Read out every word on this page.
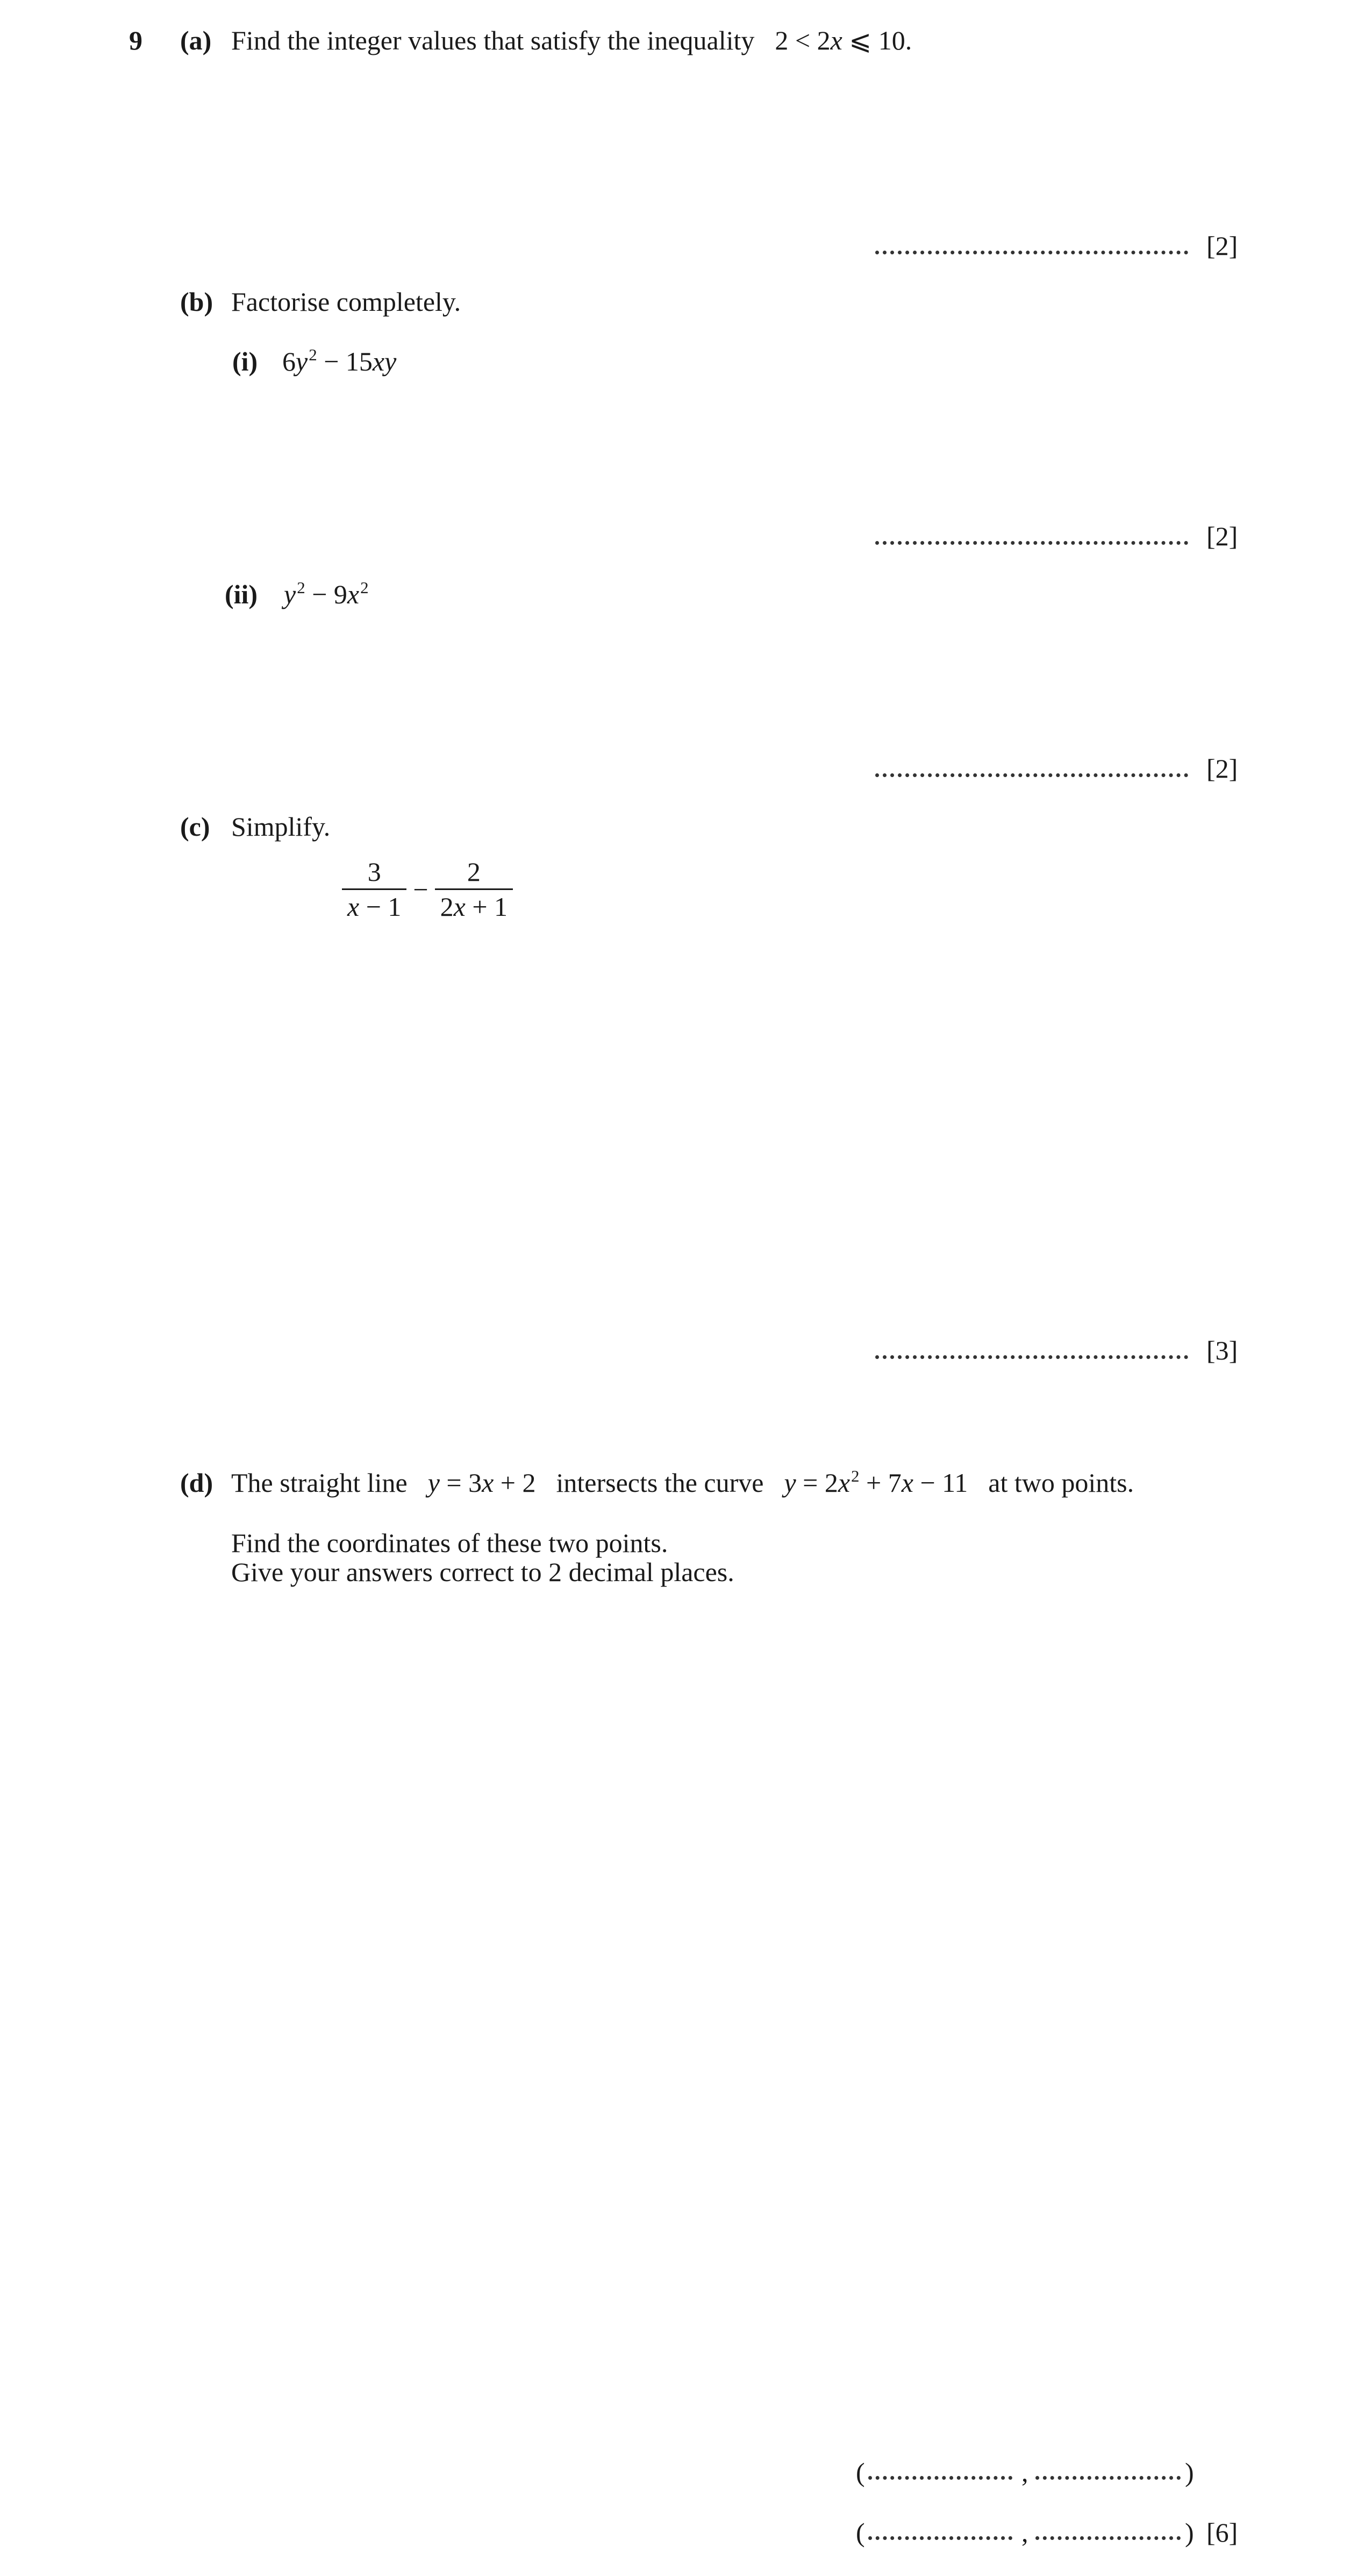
9 (a) Find the integer values that satisfy the inequality 2 < 2x ⩽ 10.
[2]
(b) Factorise completely.
(i) $6y^2 - 15xy$
[2]
(ii) $y^2 - 9x^2$
[2]
(c) Simplify.
$\frac{3}{x - 1} - \frac{2}{2x + 1}$
[3]
(d) The straight line y = 3x + 2 intersects the curve $y = 2x^2 + 7x - 11$ at two points.
Find the coordinates of these two points.
Give your answers correct to 2 decimal places.
(	,	)
(	,	) [6]
